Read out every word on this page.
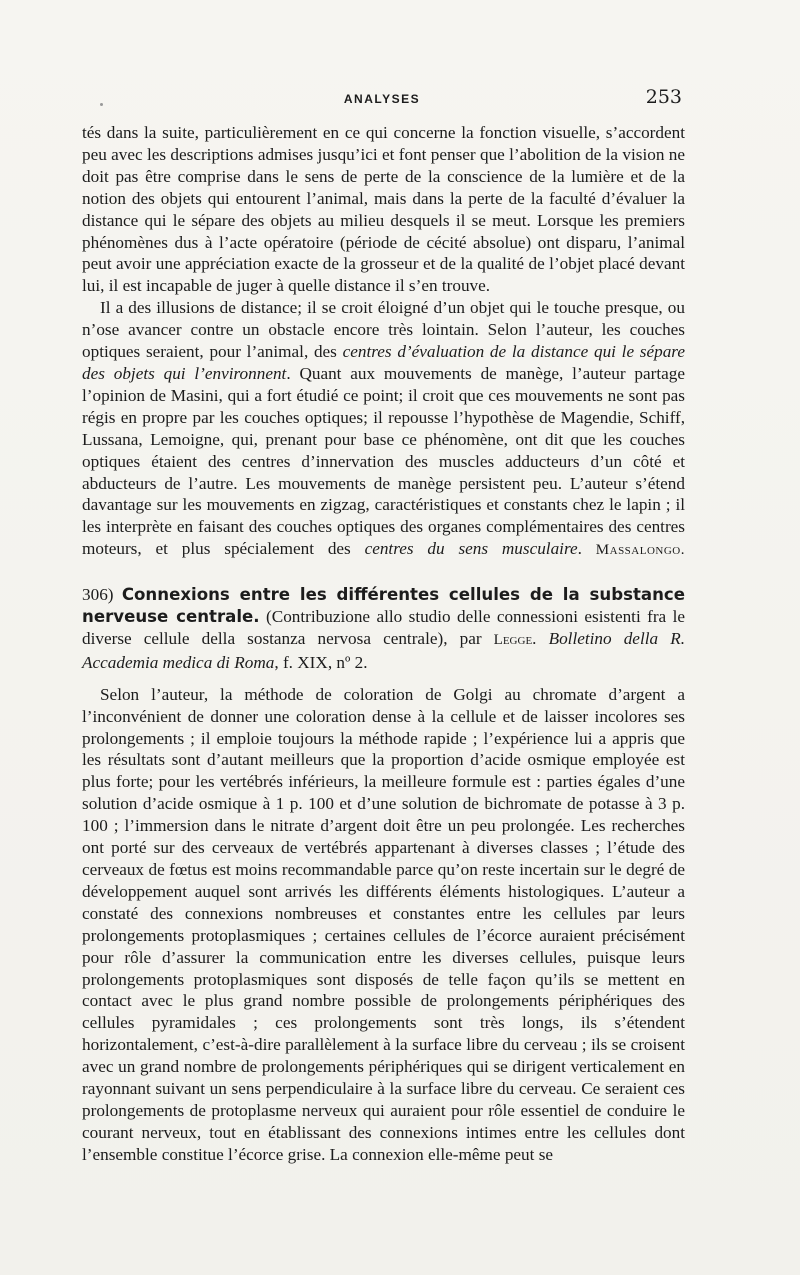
ANALYSES	253

tés dans la suite, particulièrement en ce qui concerne la fonction visuelle, s’accordent peu avec les descriptions admises jusqu’ici et font penser que l’abolition de la vision ne doit pas être comprise dans le sens de perte de la conscience de la lumière et de la notion des objets qui entourent l’animal, mais dans la perte de la faculté d’évaluer la distance qui le sépare des objets au milieu desquels il se meut. Lorsque les premiers phénomènes dus à l’acte opératoire (période de cécité absolue) ont disparu, l’animal peut avoir une appréciation exacte de la grosseur et de la qualité de l’objet placé devant lui, il est incapable de juger à quelle distance il s’en trouve.

Il a des illusions de distance; il se croit éloigné d’un objet qui le touche presque, ou n’ose avancer contre un obstacle encore très lointain. Selon l’auteur, les couches optiques seraient, pour l’animal, des centres d’évaluation de la distance qui le sépare des objets qui l’environnent. Quant aux mouvements de manège, l’auteur partage l’opinion de Masini, qui a fort étudié ce point; il croit que ces mouvements ne sont pas régis en propre par les couches optiques; il repousse l’hypothèse de Magendie, Schiff, Lussana, Lemoigne, qui, prenant pour base ce phénomène, ont dit que les couches optiques étaient des centres d’innervation des muscles adducteurs d’un côté et abducteurs de l’autre. Les mouvements de manège persistent peu. L’auteur s’étend davantage sur les mouvements en zigzag, caractéristiques et constants chez le lapin ; il les interprète en faisant des couches optiques des organes complémentaires des centres moteurs, et plus spécialement des centres du sens musculaire. Massalongo.

306) Connexions entre les différentes cellules de la substance nerveuse centrale. (Contribuzione allo studio delle connessioni esistenti fra le diverse cellule della sostanza nervosa centrale), par Legge. Bolletino della R. Accademia medica di Roma, f. XIX, nº 2.

Selon l’auteur, la méthode de coloration de Golgi au chromate d’argent a l’inconvénient de donner une coloration dense à la cellule et de laisser incolores ses prolongements ; il emploie toujours la méthode rapide ; l’expérience lui a appris que les résultats sont d’autant meilleurs que la proportion d’acide osmique employée est plus forte; pour les vertébrés inférieurs, la meilleure formule est : parties égales d’une solution d’acide osmique à 1 p. 100 et d’une solution de bichromate de potasse à 3 p. 100 ; l’immersion dans le nitrate d’argent doit être un peu prolongée. Les recherches ont porté sur des cerveaux de vertébrés appartenant à diverses classes ; l’étude des cerveaux de fœtus est moins recommandable parce qu’on reste incertain sur le degré de développement auquel sont arrivés les différents éléments histologiques. L’auteur a constaté des connexions nombreuses et constantes entre les cellules par leurs prolongements protoplasmiques ; certaines cellules de l’écorce auraient précisément pour rôle d’assurer la communication entre les diverses cellules, puisque leurs prolongements protoplasmiques sont disposés de telle façon qu’ils se mettent en contact avec le plus grand nombre possible de prolongements périphériques des cellules pyramidales ; ces prolongements sont très longs, ils s’étendent horizontalement, c’est-à-dire parallèlement à la surface libre du cerveau ; ils se croisent avec un grand nombre de prolongements périphériques qui se dirigent verticalement en rayonnant suivant un sens perpendiculaire à la surface libre du cerveau. Ce seraient ces prolongements de protoplasme nerveux qui auraient pour rôle essentiel de conduire le courant nerveux, tout en établissant des connexions intimes entre les cellules dont l’ensemble constitue l’écorce grise. La connexion elle-même peut se
